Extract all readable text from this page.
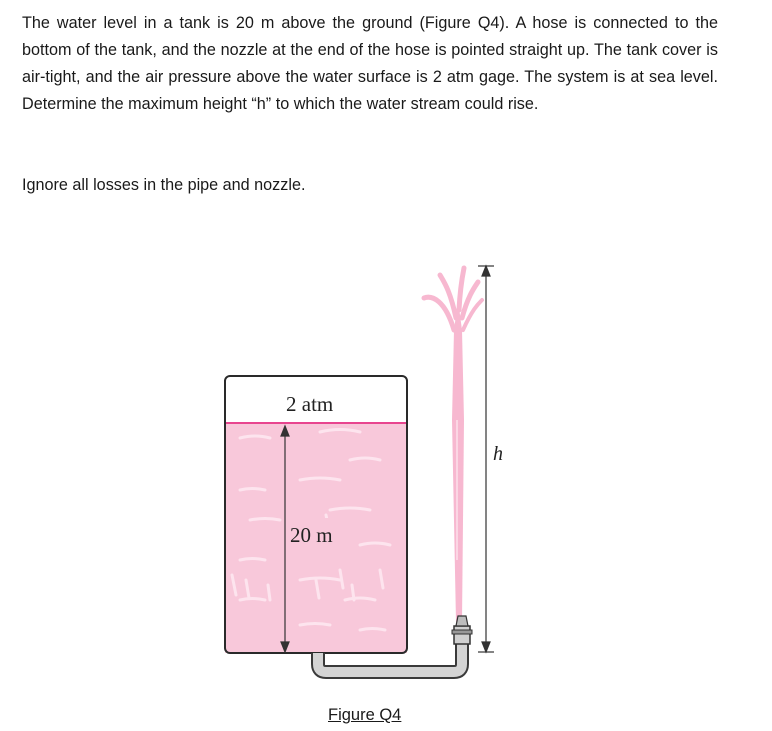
The water level in a tank is 20 m above the ground (Figure Q4). A hose is connected to the bottom of the tank, and the nozzle at the end of the hose is pointed straight up. The tank cover is air-tight, and the air pressure above the water surface is 2 atm gage. The system is at sea level. Determine the maximum height “h” to which the water stream could rise.

Ignore all losses in the pipe and nozzle.

2 atm
20 m
h

Figure Q4
